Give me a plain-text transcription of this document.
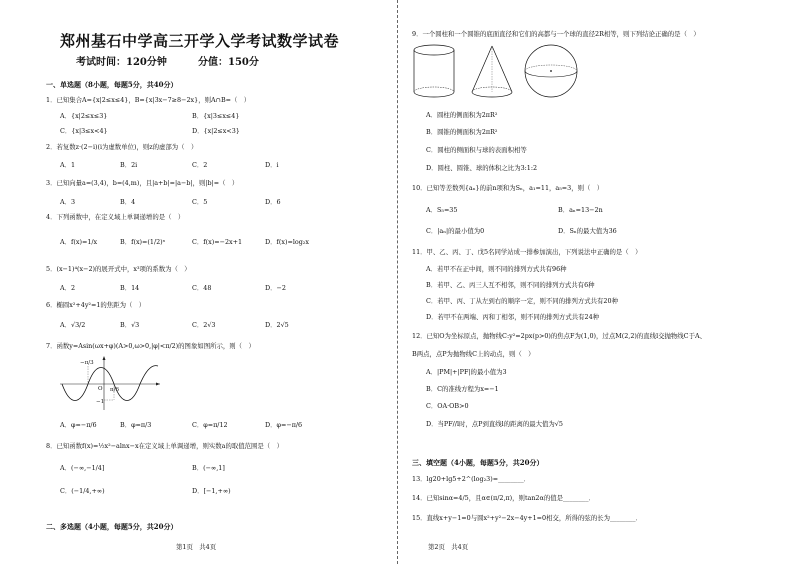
郑州基石中学高三开学入学考试数学试卷
考试时间：120分钟	分值：150分
一、单选题（8小题，每题5分，共40分）
1．已知集合A={x|2≤x≤4}，B={x|3x−7≥8−2x}，则A∩B=（　）
A．{x|2≤x≤3}	B．{x|3≤x≤4}
C．{x|3≤x<4}	D．{x|2≤x<3}
2．若复数z·(2−i)(i为虚数单位)，则z的虚部为（　）
A．1	B．2i	C．2	D．i
3．已知向量a=(3,4)，b=(4,m)，且|a+b|=|a−b|，则|b|=（　）
A．3	B．4	C．5	D．6
4．下列函数中，在定义域上单调递增的是（　）
A．f(x)=1/x	B．f(x)=(1/2)ˣ	C．f(x)=−2x+1	D．f(x)=log₂x
5．(x−1)⁴(x−2)的展开式中，x³项的系数为（　）
A．2	B．14	C．48	D．−2
6．椭圆x²+4y²=1的焦距为（　）
A．√3/2	B．√3	C．2√3	D．2√5
7．函数y=Asin(ωx+φ)(A>0,ω>0,|φ|<π/2)的图象如图所示，则（　）
−π/3
π/6
−1
O
A．φ=−π/6	B．φ=π/3	C．φ=π/12	D．φ=−π/6
8．已知函数f(x)=½x²−alnx−x在定义域上单调递增，则实数a的取值范围是（　）
A．(−∞,−1/4]	B．(−∞,1]
C．(−1/4,+∞)	D．[−1,+∞)
二、多选题（4小题，每题5分，共20分）
第1页　共4页
9．一个圆柱和一个圆锥的底面直径和它们的高都与一个球的直径2R相等，则下列结论正确的是（　）
A．圆柱的侧面积为2πR²
B．圆锥的侧面积为2πR²
C．圆柱的侧面积与球的表面积相等
D．圆柱、圆锥、球的体积之比为3:1:2
10．已知等差数列{aₙ}的前n项和为Sₙ，a₁=11，a₅=3，则（　）
A．S₅=35	B．aₙ=13−2n
C．|aₙ|的最小值为0	D．Sₙ的最大值为36
11．甲、乙、丙、丁、戊5名同学站成一排参加演出，下列说法中正确的是（　）
A．若甲不在正中间，则不同的排列方式共有96种
B．若甲、乙、丙三人互不相邻，则不同的排列方式共有6种
C．若甲、丙、丁从左到右的顺序一定，则不同的排列方式共有20种
D．若甲不在两端、丙和丁相邻，则不同的排列方式共有24种
12．已知O为坐标原点，抛物线C:y²=2px(p>0)的焦点F为(1,0)，过点M(2,2)的直线l交抛物线C于A、
B两点，点P为抛物线C上的动点，则（　）
A．|PM|+|PF|的最小值为3
B．C的准线方程为x=−1
C．OA·OB>0
D．当PF//l时，点P到直线l的距离的最大值为√5
三、填空题（4小题，每题5分，共20分）
13．lg20+lg5+2^(log₂3)=________．
14．已知sinα=4/5，且α∈(π/2,π)，则tan2α的值是________．
15．直线x+y−1=0与圆x²+y²−2x−4y+1=0相交，所得的弦的长为________．
第2页　共4页
